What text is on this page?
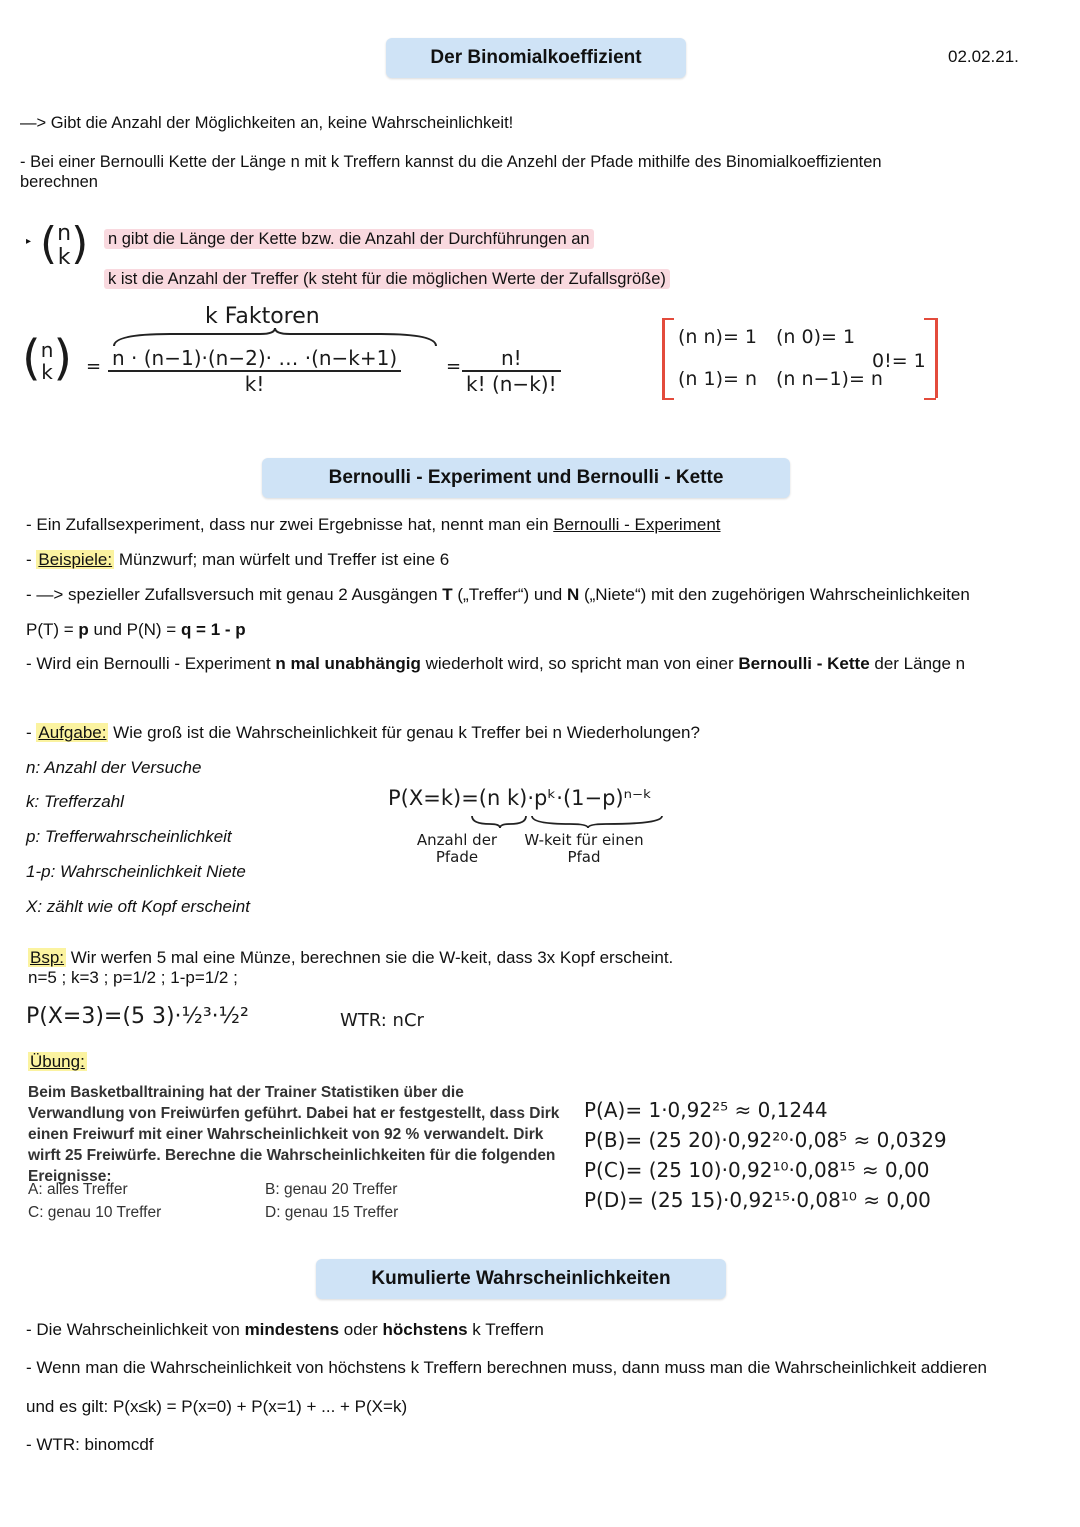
Der Binomialkoeffizient	02.02.21.
—> Gibt die Anzahl der Möglichkeiten an, keine Wahrscheinlichkeit!
- Bei einer Bernoulli Kette der Länge n mit k Treffern kannst du die Anzehl der Pfade mithilfe des Binomialkoeffizienten
berechnen
▸ (n
k) n gibt die Länge der Kette bzw. die Anzahl der Durchführungen an
k ist die Anzahl der Treffer (k steht für die möglichen Werte der Zufallsgröße)
k Faktoren
(n
$k) = \frac{n \cdot (n-1)\cdot(n-2)\cdot \dots \cdot(n-k+1)}{k!} = \frac{n!}{k! (n-k)!}$
(n n)= 1 (n 0)= 1
(n 1)= n (n n−1)= n
0!= 1
Bernoulli - Experiment und Bernoulli - Kette
- Ein Zufallsexperiment, dass nur zwei Ergebnisse hat, nennt man ein Bernoulli - Experiment
- Beispiele: Münzwurf; man würfelt und Treffer ist eine 6
- —> spezieller Zufallsversuch mit genau 2 Ausgängen T („Treffer“) und N („Niete“) mit den zugehörigen Wahrscheinlichkeiten
P(T) = p und P(N) = q = 1 - p
- Wird ein Bernoulli - Experiment n mal unabhängig wiederholt wird, so spricht man von einer Bernoulli - Kette der Länge n
- Aufgabe: Wie groß ist die Wahrscheinlichkeit für genau k Treffer bei n Wiederholungen?
n: Anzahl der Versuche
k: Trefferzahl
p: Trefferwahrscheinlichkeit
1-p: Wahrscheinlichkeit Niete
X: zählt wie oft Kopf erscheint
P(X=k)=(n k)·pᵏ·(1−p)ⁿ⁻ᵏ
Anzahl der Pfade
W-keit für einen Pfad
Bsp: Wir werfen 5 mal eine Münze, berechnen sie die W-keit, dass 3x Kopf erscheint.
n=5 ; k=3 ; p=1/2 ; 1-p=1/2 ;
P(X=3)=(5 3)·½³·½²	WTR: nCr
Übung:
Beim Basketballtraining hat der Trainer Statistiken über die Verwandlung von Freiwürfen geführt. Dabei hat er festgestellt, dass Dirk einen Freiwurf mit einer Wahrscheinlichkeit von 92 % verwandelt. Dirk wirft 25 Freiwürfe. Berechne die Wahrscheinlichkeiten für die folgenden Ereignisse:
A: alles Treffer	B: genau 20 Treffer
C: genau 10 Treffer	D: genau 15 Treffer
P(A)= 1·0,92²⁵ ≈ 0,1244
P(B)= (25 20)·0,92²⁰·0,08⁵ ≈ 0,0329
P(C)= (25 10)·0,92¹⁰·0,08¹⁵ ≈ 0,00
P(D)= (25 15)·0,92¹⁵·0,08¹⁰ ≈ 0,00
Kumulierte Wahrscheinlichkeiten
- Die Wahrscheinlichkeit von mindestens oder höchstens k Treffern
- Wenn man die Wahrscheinlichkeit von höchstens k Treffern berechnen muss, dann muss man die Wahrscheinlichkeit addieren
und es gilt: P(x≤k) = P(x=0) + P(x=1) + ... + P(X=k)
- WTR: binomcdf
